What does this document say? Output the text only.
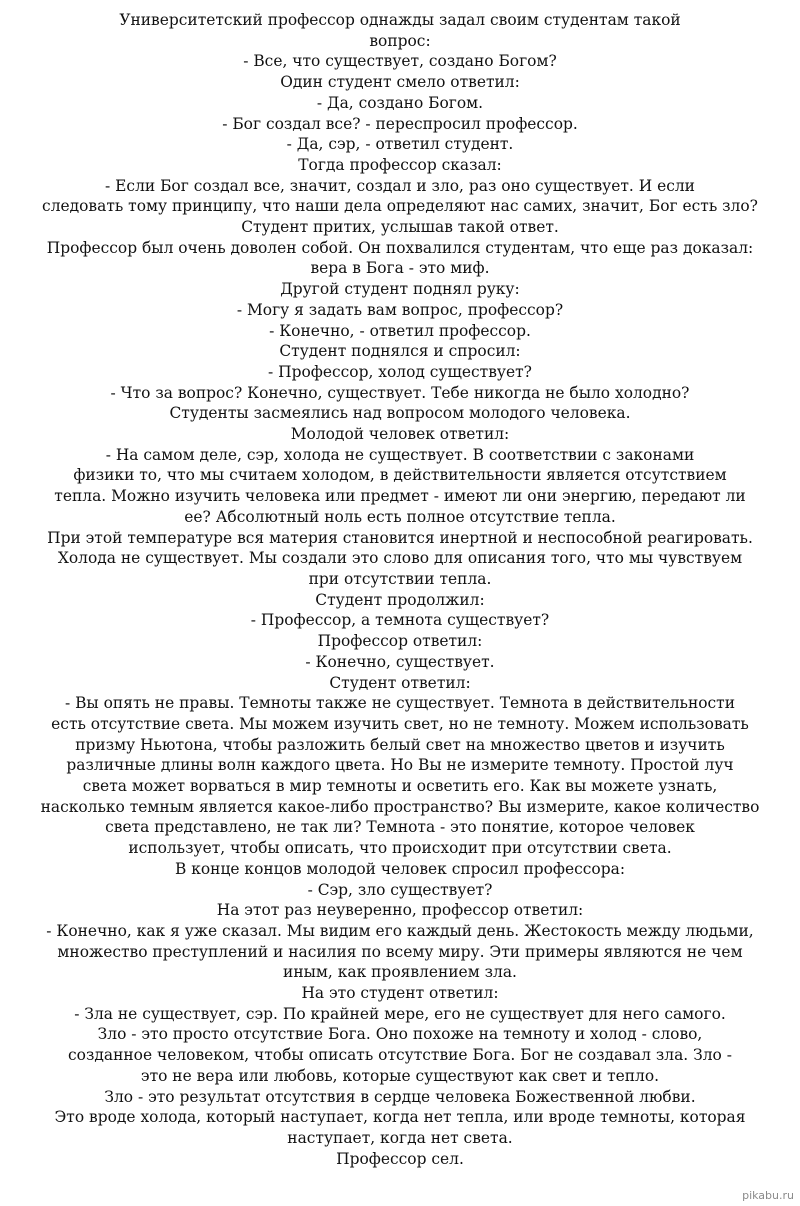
Университетский профессор однажды задал своим студентам такой
вопрос:
- Все, что существует, создано Богом?
Один студент смело ответил:
- Да, создано Богом.
- Бог создал все? - переспросил профессор.
- Да, сэр, - ответил студент.
Тогда профессор сказал:
- Если Бог создал все, значит, создал и зло, раз оно существует. И если
следовать тому принципу, что наши дела определяют нас самих, значит, Бог есть зло?
Студент притих, услышав такой ответ.
Профессор был очень доволен собой. Он похвалился студентам, что еще раз доказал:
вера в Бога - это миф.
Другой студент поднял руку:
- Могу я задать вам вопрос, профессор?
- Конечно, - ответил профессор.
Студент поднялся и спросил:
- Профессор, холод существует?
- Что за вопрос? Конечно, существует. Тебе никогда не было холодно?
Студенты засмеялись над вопросом молодого человека.
Молодой человек ответил:
- На самом деле, сэр, холода не существует. В соответствии с законами
физики то, что мы считаем холодом, в действительности является отсутствием
тепла. Можно изучить человека или предмет - имеют ли они энергию, передают ли
ее? Абсолютный ноль есть полное отсутствие тепла.
При этой температуре вся материя становится инертной и неспособной реагировать.
Холода не существует. Мы создали это слово для описания того, что мы чувствуем
при отсутствии тепла.
Студент продолжил:
- Профессор, а темнота существует?
Профессор ответил:
- Конечно, существует.
Студент ответил:
- Вы опять не правы. Темноты также не существует. Темнота в действительности
есть отсутствие света. Мы можем изучить свет, но не темноту. Можем использовать
призму Ньютона, чтобы разложить белый свет на множество цветов и изучить
различные длины волн каждого цвета. Но Вы не измерите темноту. Простой луч
света может ворваться в мир темноты и осветить его. Как вы можете узнать,
насколько темным является какое-либо пространство? Вы измерите, какое количество
света представлено, не так ли? Темнота - это понятие, которое человек
использует, чтобы описать, что происходит при отсутствии света.
В конце концов молодой человек спросил профессора:
- Сэр, зло существует?
На этот раз неуверенно, профессор ответил:
- Конечно, как я уже сказал. Мы видим его каждый день. Жестокость между людьми,
множество преступлений и насилия по всему миру. Эти примеры являются не чем
иным, как проявлением зла.
На это студент ответил:
- Зла не существует, сэр. По крайней мере, его не существует для него самого.
Зло - это просто отсутствие Бога. Оно похоже на темноту и холод - слово,
созданное человеком, чтобы описать отсутствие Бога. Бог не создавал зла. Зло -
это не вера или любовь, которые существуют как свет и тепло.
Зло - это результат отсутствия в сердце человека Божественной любви.
Это вроде холода, который наступает, когда нет тепла, или вроде темноты, которая
наступает, когда нет света.
Профессор сел.
pikabu.ru
